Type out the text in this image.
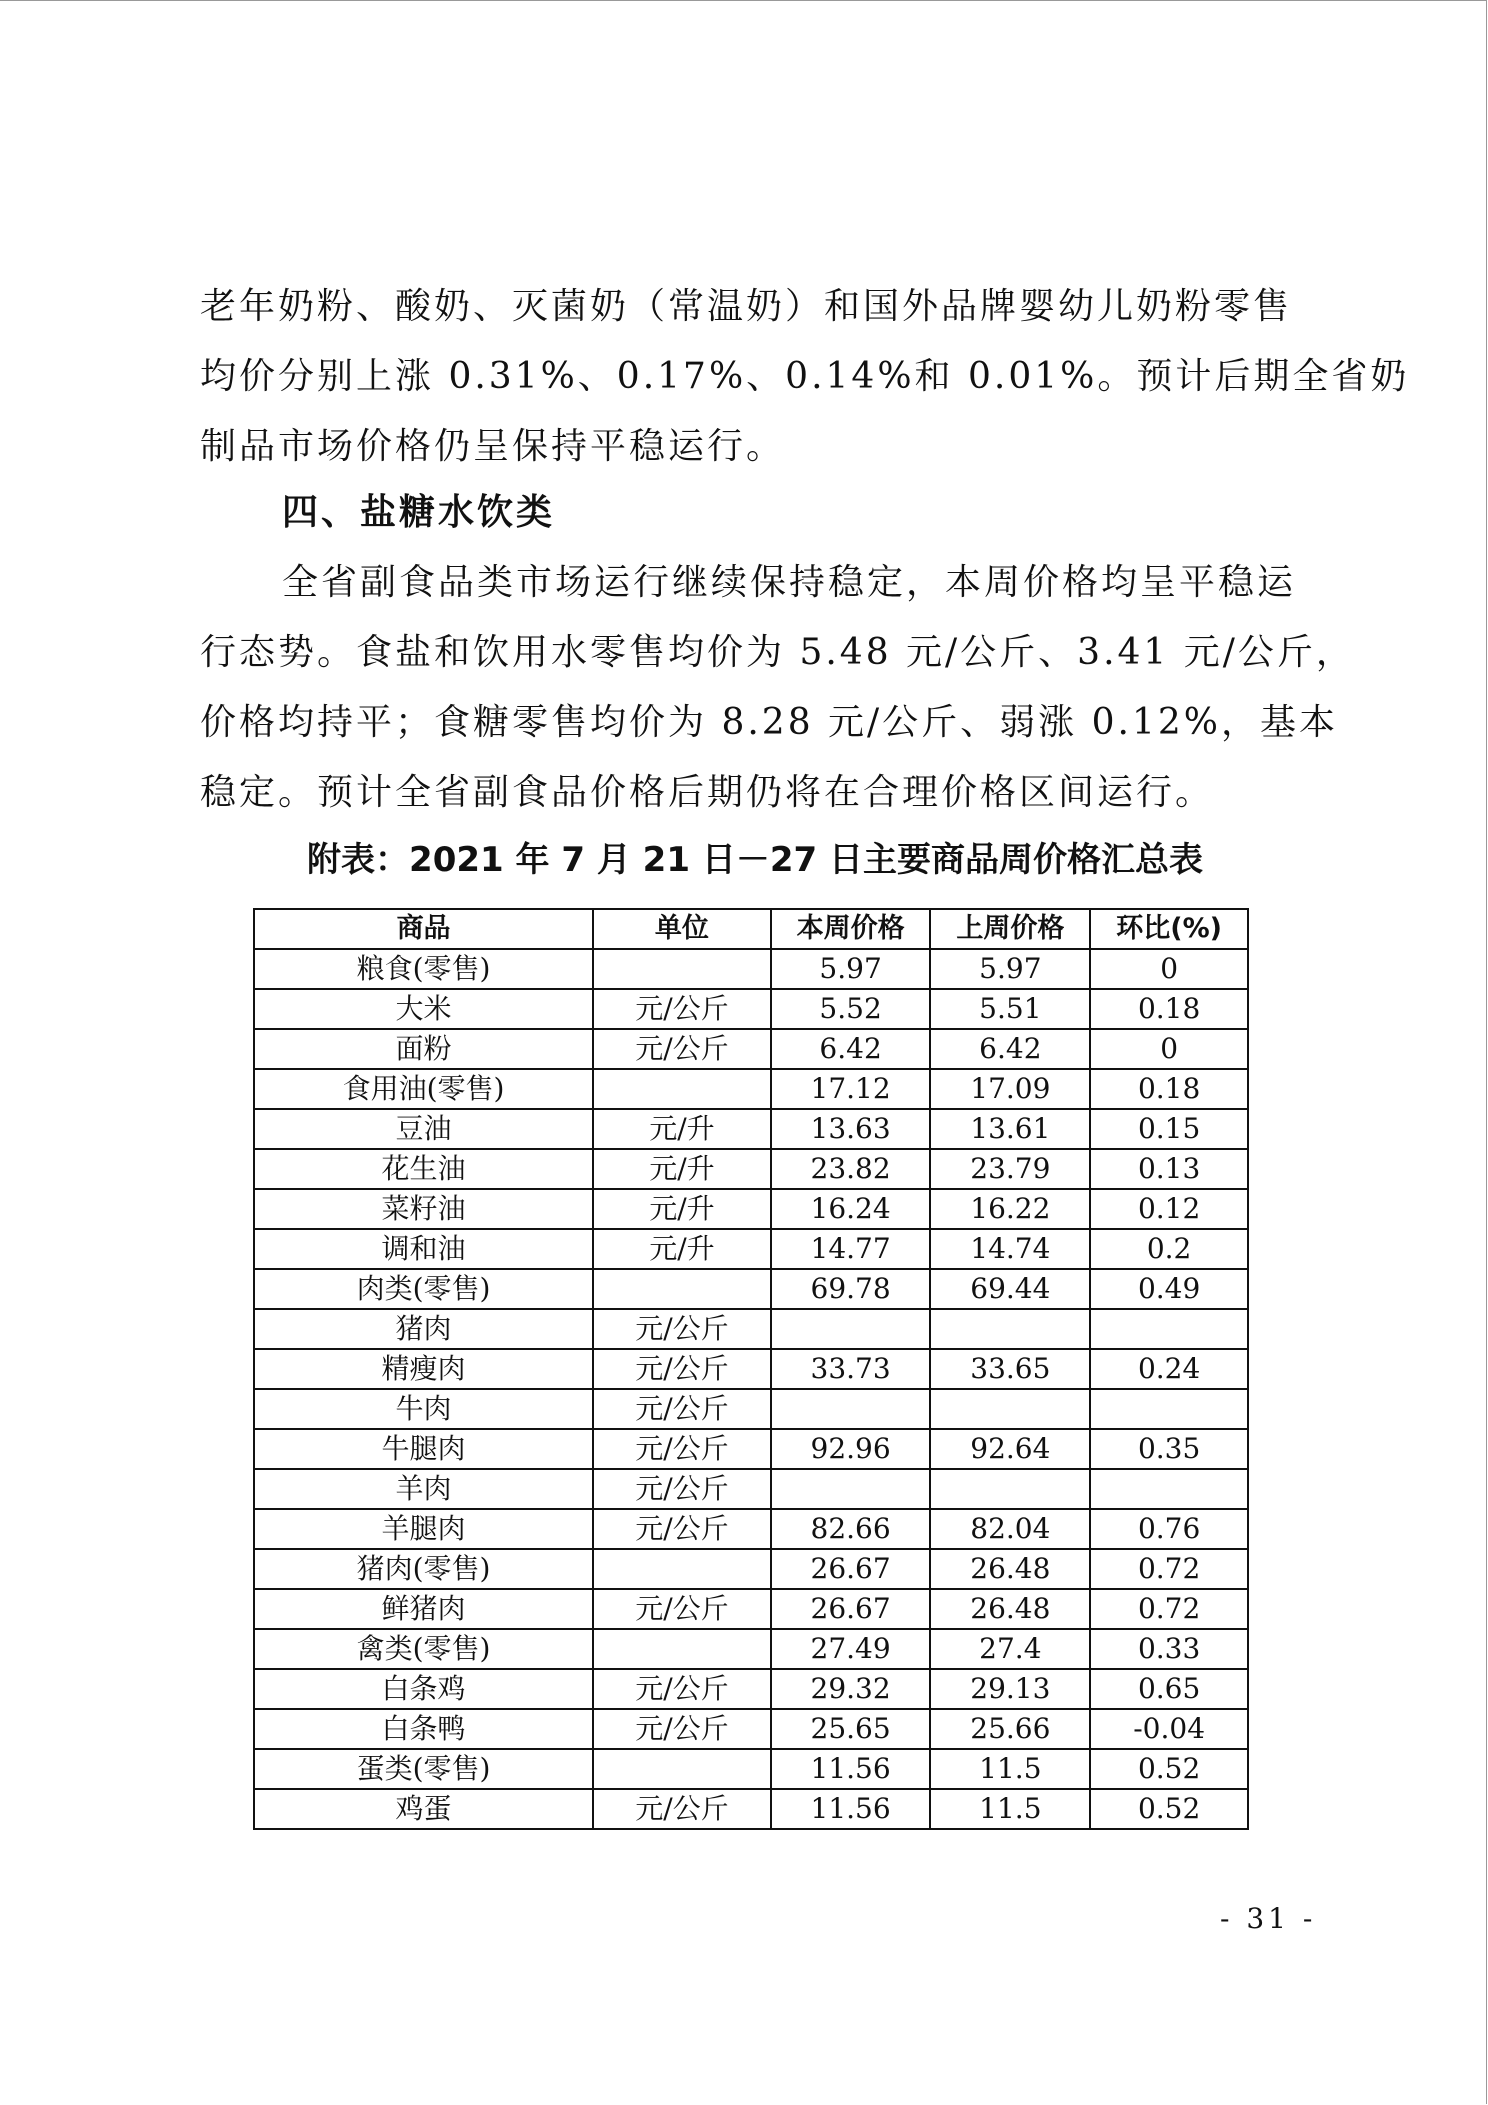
老年奶粉、酸奶、灭菌奶（常温奶）和国外品牌婴幼儿奶粉零售
均价分别上涨 0.31%、0.17%、0.14%和 0.01%。预计后期全省奶
制品市场价格仍呈保持平稳运行。
四、盐糖水饮类
全省副食品类市场运行继续保持稳定，本周价格均呈平稳运
行态势。食盐和饮用水零售均价为 5.48 元/公斤、3.41 元/公斤，
价格均持平；食糖零售均价为 8.28 元/公斤、弱涨 0.12%，基本
稳定。预计全省副食品价格后期仍将在合理价格区间运行。
附表：2021 年 7 月 21 日－27 日主要商品周价格汇总表
商品	单位	本周价格	上周价格	环比(%)
粮食(零售)		5.97	5.97	0
大米	元/公斤	5.52	5.51	0.18
面粉	元/公斤	6.42	6.42	0
食用油(零售)		17.12	17.09	0.18
豆油	元/升	13.63	13.61	0.15
花生油	元/升	23.82	23.79	0.13
菜籽油	元/升	16.24	16.22	0.12
调和油	元/升	14.77	14.74	0.2
肉类(零售)		69.78	69.44	0.49
猪肉	元/公斤			
精瘦肉	元/公斤	33.73	33.65	0.24
牛肉	元/公斤			
牛腿肉	元/公斤	92.96	92.64	0.35
羊肉	元/公斤			
羊腿肉	元/公斤	82.66	82.04	0.76
猪肉(零售)		26.67	26.48	0.72
鲜猪肉	元/公斤	26.67	26.48	0.72
禽类(零售)		27.49	27.4	0.33
白条鸡	元/公斤	29.32	29.13	0.65
白条鸭	元/公斤	25.65	25.66	-0.04
蛋类(零售)		11.56	11.5	0.52
鸡蛋	元/公斤	11.56	11.5	0.52

- 31 -
